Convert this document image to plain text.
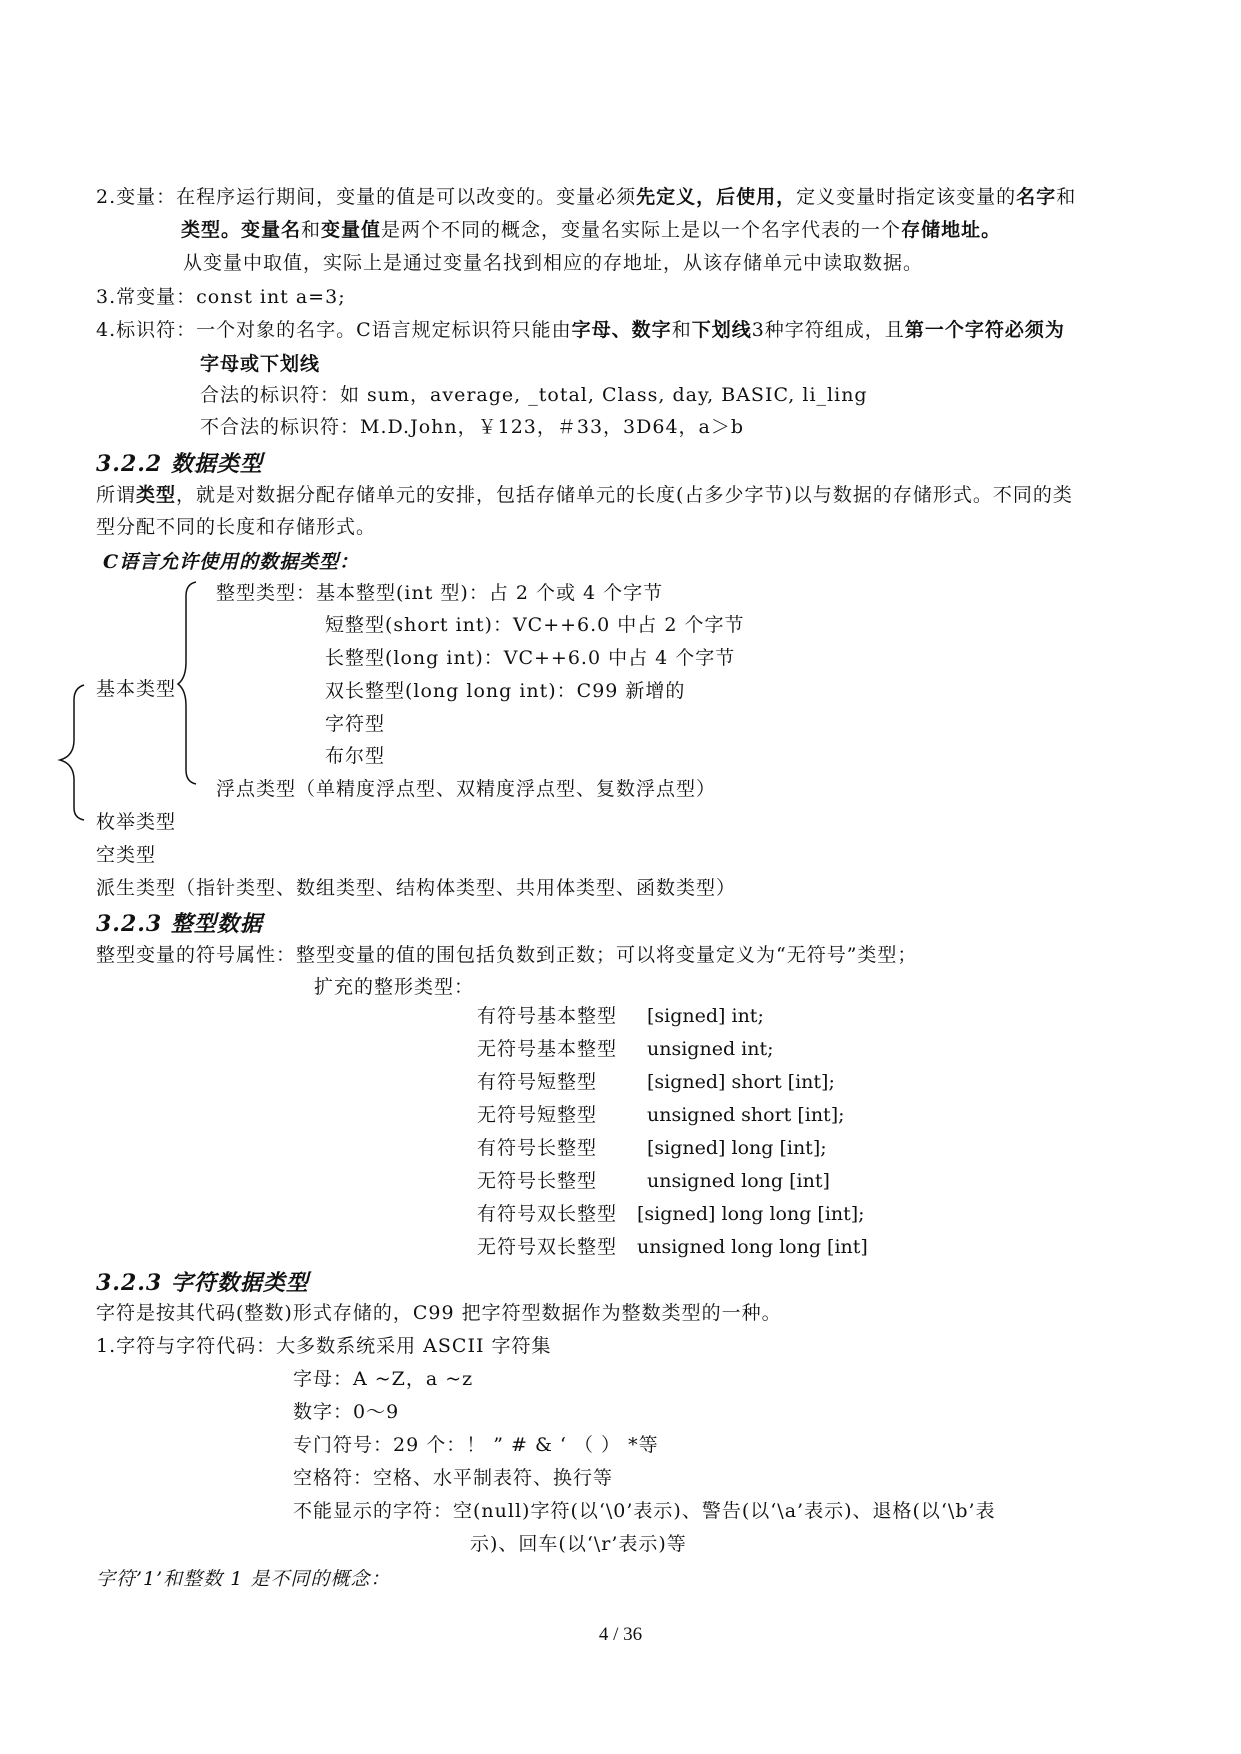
2.变量：在程序运行期间，变量的值是可以改变的。变量必须先定义，后使用，定义变量时指定该变量的名字和
类型。变量名和变量值是两个不同的概念，变量名实际上是以一个名字代表的一个存储地址。
从变量中取值，实际上是通过变量名找到相应的存地址，从该存储单元中读取数据。
3.常变量：const int a=3;
4.标识符：一个对象的名字。C语言规定标识符只能由字母、数字和下划线3种字符组成，且第一个字符必须为
字母或下划线
合法的标识符：如 sum，average, _total, Class, day, BASIC, li_ling
不合法的标识符：M.D.John，￥123，＃33，3D64，a＞b
3.2.2 数据类型
所谓类型，就是对数据分配存储单元的安排，包括存储单元的长度(占多少字节)以与数据的存储形式。不同的类
型分配不同的长度和存储形式。
C语言允许使用的数据类型：
基本类型
整型类型：基本整型(int 型)：占 2 个或 4 个字节
短整型(short int)：VC++6.0 中占 2 个字节
长整型(long int)：VC++6.0 中占 4 个字节
双长整型(long long int)：C99 新增的
字符型
布尔型
浮点类型（单精度浮点型、双精度浮点型、复数浮点型）
枚举类型
空类型
派生类型（指针类型、数组类型、结构体类型、共用体类型、函数类型）
3.2.3 整型数据
整型变量的符号属性：整型变量的值的围包括负数到正数；可以将变量定义为“无符号”类型；
扩充的整形类型：
有符号基本整型 [signed] int;
无符号基本整型 unsigned int;
有符号短整型	[signed] short [int];
无符号短整型	unsigned short [int];
有符号长整型	[signed] long [int];
无符号长整型	unsigned long [int]
有符号双长整型 [signed] long long [int];
无符号双长整型 unsigned long long [int]
3.2.3 字符数据类型
字符是按其代码(整数)形式存储的，C99 把字符型数据作为整数类型的一种。
1.字符与字符代码：大多数系统采用 ASCII 字符集
字母：A ~Z，a ~z
数字：0～9
专门符号：29 个：！ ” # & ‘ （ ） *等
空格符：空格、水平制表符、换行等
不能显示的字符：空(null)字符(以‘\0’表示)、警告(以‘\a’表示)、退格(以‘\b’表
示)、回车(以‘\r’表示)等
字符’1’和整数 1 是不同的概念：
4 / 36
